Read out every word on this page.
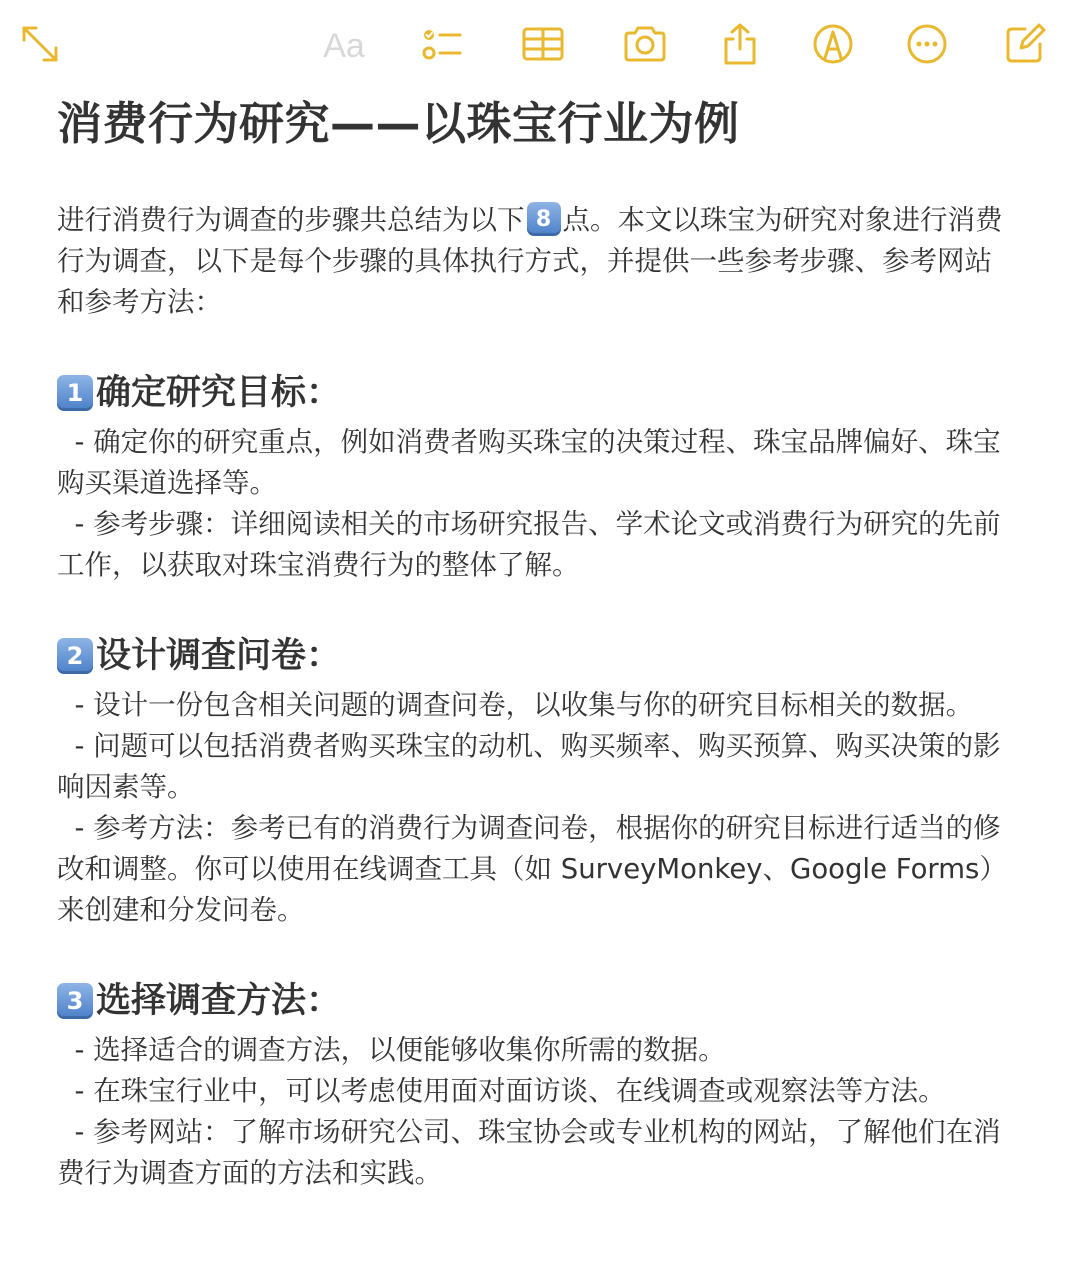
Aa
消费行为研究——以珠宝行业为例

进行消费行为调查的步骤共总结为以下 8 点。本文以珠宝为研究对象进行消费行为调查，以下是每个步骤的具体执行方式，并提供一些参考步骤、参考网站和参考方法：

1 确定研究目标：

- 确定你的研究重点，例如消费者购买珠宝的决策过程、珠宝品牌偏好、珠宝购买渠道选择等。

- 参考步骤：详细阅读相关的市场研究报告、学术论文或消费行为研究的先前工作，以获取对珠宝消费行为的整体了解。

2 设计调查问卷：

- 设计一份包含相关问题的调查问卷，以收集与你的研究目标相关的数据。

- 问题可以包括消费者购买珠宝的动机、购买频率、购买预算、购买决策的影响因素等。

- 参考方法：参考已有的消费行为调查问卷，根据你的研究目标进行适当的修改和调整。你可以使用在线调查工具（如 SurveyMonkey、Google Forms）来创建和分发问卷。

3 选择调查方法：

- 选择适合的调查方法，以便能够收集你所需的数据。

- 在珠宝行业中，可以考虑使用面对面访谈、在线调查或观察法等方法。

- 参考网站：了解市场研究公司、珠宝协会或专业机构的网站，了解他们在消费行为调查方面的方法和实践。
